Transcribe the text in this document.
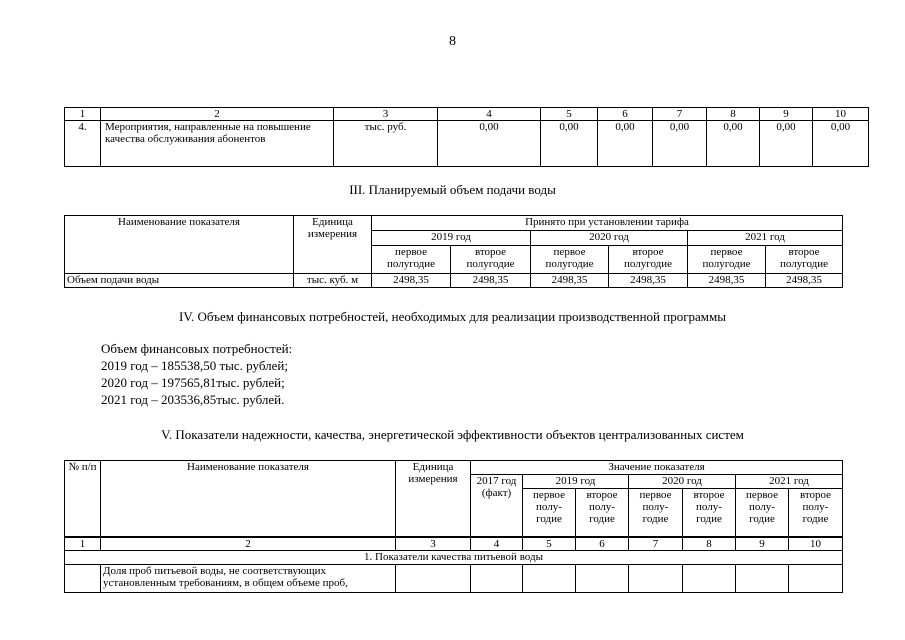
8
1	2	3	4	5	6	7	8	9	10
4.	Мероприятия, направленные на повышение качества обслуживания абонентов	тыс. руб.	0,00	0,00	0,00	0,00	0,00	0,00	0,00
III. Планируемый объем подачи воды
Наименование показателя	Единица измерения	Принято при установлении тарифа					
		2019 год		2020 год		2021 год	
		первое полугодие	второе полугодие	первое полугодие	второе полугодие	первое полугодие	второе полугодие
Объем подачи воды	тыс. куб. м	2498,35	2498,35	2498,35	2498,35	2498,35	2498,35
IV. Объем финансовых потребностей, необходимых для реализации производственной программы
Объем финансовых потребностей:
2019 год – 185538,50 тыс. рублей;
2020 год – 197565,81тыс. рублей;
2021 год – 203536,85тыс. рублей.
V. Показатели надежности, качества, энергетической эффективности объектов централизованных систем
№ п/п	Наименование показателя	Единица измерения	Значение показателя						
			2017 год (факт)	2019 год		2020 год		2021 год	
				первое полу-годие	второе полу-годие	первое полу-годие	второе полу-годие	первое полу-годие	второе полу-годие
1	2	3	4	5	6	7	8	9	10
1. Показатели качества питьевой воды									
	Доля проб питьевой воды, не соответствующих установленным требованиям, в общем объеме проб,								
